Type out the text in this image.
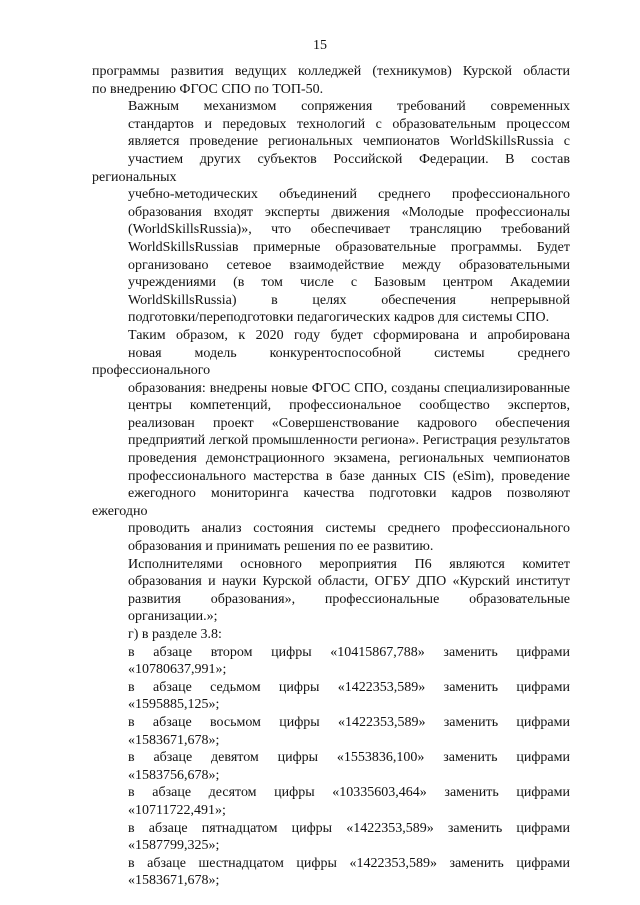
15

программы развития ведущих колледжей (техникумов) Курской области
по внедрению ФГОС СПО по ТОП-50.

Важным механизмом сопряжения требований современных
стандартов и передовых технологий с образовательным процессом
является проведение региональных чемпионатов WorldSkillsRussia с
участием других субъектов Российской Федерации. В состав региональных
учебно-методических объединений среднего профессионального
образования входят эксперты движения «Молодые профессионалы
(WorldSkillsRussia)», что обеспечивает трансляцию требований
WorldSkillsRussiaв примерные образовательные программы. Будет
организовано сетевое взаимодействие между образовательными
учреждениями (в том числе с Базовым центром Академии
WorldSkillsRussia) в целях обеспечения непрерывной
подготовки/переподготовки педагогических кадров для системы СПО.

Таким образом, к 2020 году будет сформирована и апробирована
новая модель конкурентоспособной системы среднего профессионального
образования: внедрены новые ФГОС СПО, созданы специализированные
центры компетенций, профессиональное сообщество экспертов,
реализован проект «Совершенствование кадрового обеспечения
предприятий легкой промышленности региона». Регистрация результатов
проведения демонстрационного экзамена, региональных чемпионатов
профессионального мастерства в базе данных CIS (eSim), проведение
ежегодного мониторинга качества подготовки кадров позволяют ежегодно
проводить анализ состояния системы среднего профессионального
образования и принимать решения по ее развитию.

Исполнителями основного мероприятия П6 являются комитет
образования и науки Курской области, ОГБУ ДПО «Курский институт
развития образования», профессиональные образовательные
организации.»;

г) в разделе 3.8:

в абзаце втором цифры «10415867,788» заменить цифрами
«10780637,991»;

в абзаце седьмом цифры «1422353,589» заменить цифрами
«1595885,125»;

в абзаце восьмом цифры «1422353,589» заменить цифрами
«1583671,678»;

в абзаце девятом цифры «1553836,100» заменить цифрами
«1583756,678»;

в абзаце десятом цифры «10335603,464» заменить цифрами
«10711722,491»;

в абзаце пятнадцатом цифры «1422353,589» заменить цифрами
«1587799,325»;

в абзаце шестнадцатом цифры «1422353,589» заменить цифрами
«1583671,678»;
